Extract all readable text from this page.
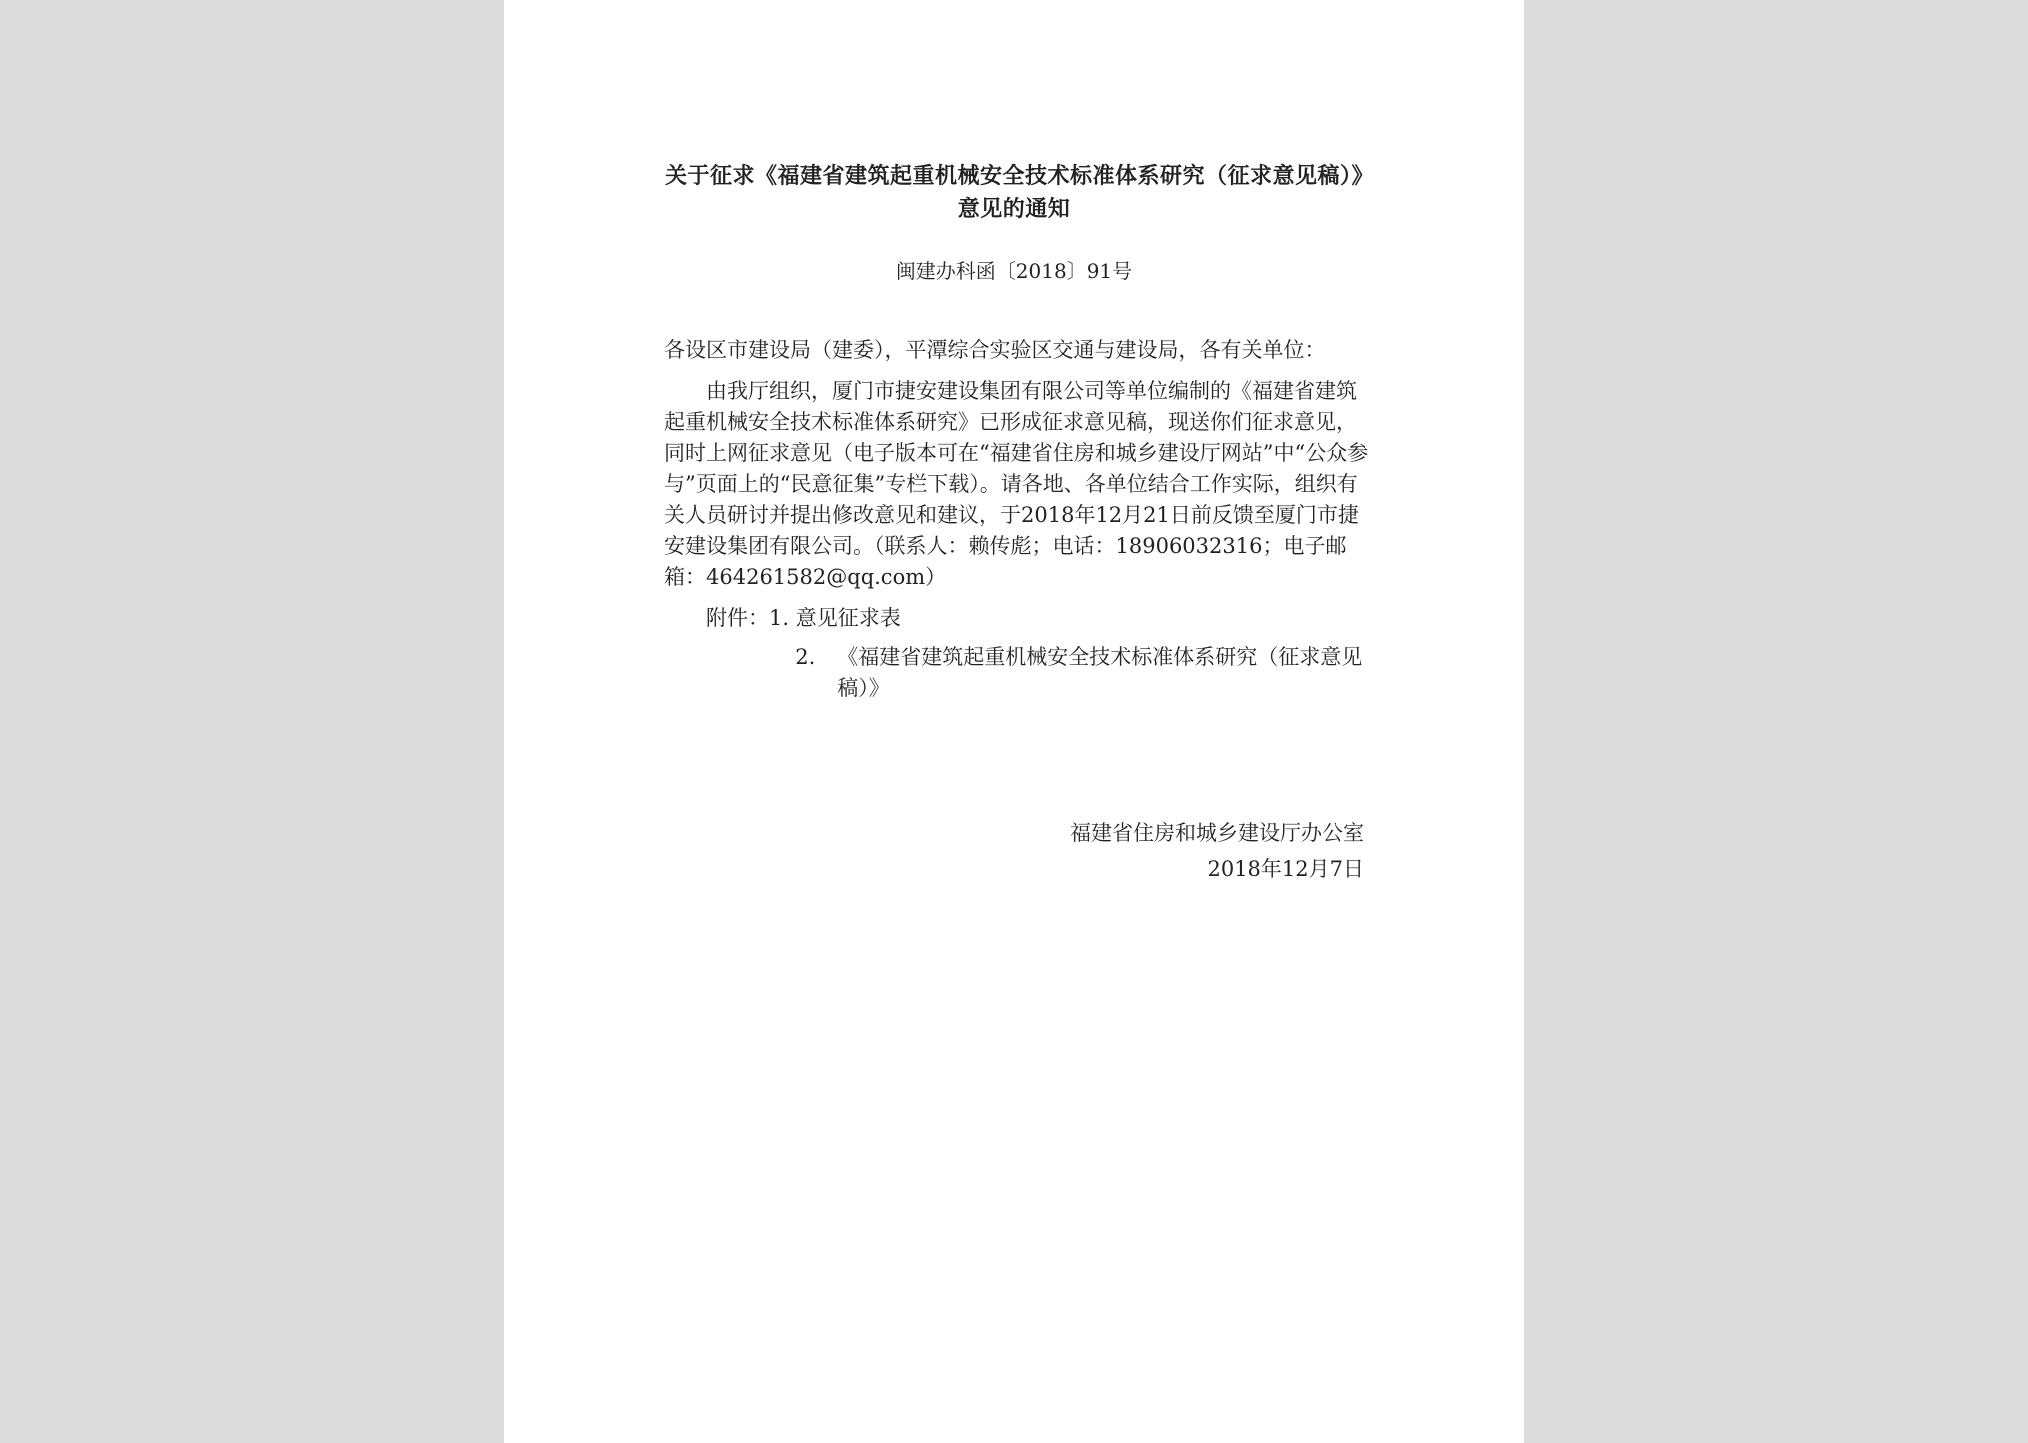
关于征求《福建省建筑起重机械安全技术标准体系研究（征求意见稿）》意见的通知
闽建办科函〔2018〕91号

各设区市建设局（建委），平潭综合实验区交通与建设局，各有关单位：

由我厅组织，厦门市捷安建设集团有限公司等单位编制的《福建省建筑起重机械安全技术标准体系研究》已形成征求意见稿，现送你们征求意见，同时上网征求意见（电子版本可在“福建省住房和城乡建设厅网站”中“公众参与”页面上的“民意征集”专栏下载）。请各地、各单位结合工作实际，组织有关人员研讨并提出修改意见和建议，于2018年12月21日前反馈至厦门市捷安建设集团有限公司。（联系人：赖传彪；电话：18906032316；电子邮箱：464261582@qq.com）

附件： 1. 意见征求表
2.	《福建省建筑起重机械安全技术标准体系研究（征求意见稿）》
福建省住房和城乡建设厅办公室
2018年12月7日
